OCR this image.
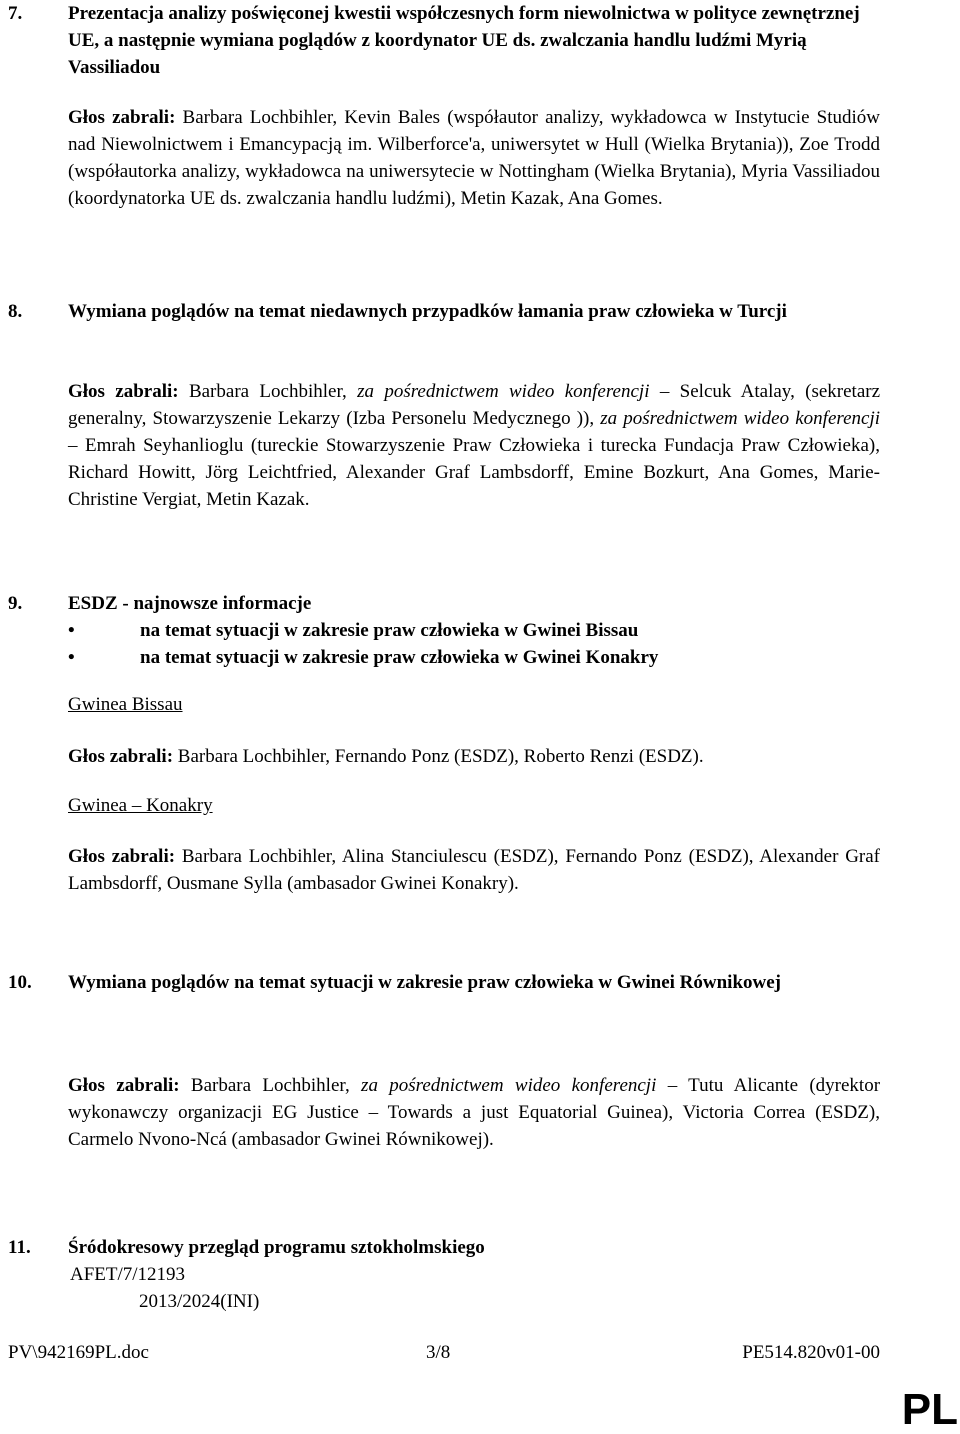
7. Prezentacja analizy poświęconej kwestii współczesnych form niewolnictwa w polityce zewnętrznej UE, a następnie wymiana poglądów z koordynator UE ds. zwalczania handlu ludźmi Myrią Vassiliadou
Głos zabrali: Barbara Lochbihler, Kevin Bales (współautor analizy, wykładowca w Instytucie Studiów nad Niewolnictwem i Emancypacją im. Wilberforce'a, uniwersytet w Hull (Wielka Brytania)), Zoe Trodd (współautorka analizy, wykładowca na uniwersytecie w Nottingham (Wielka Brytania), Myria Vassiliadou (koordynatorka UE ds. zwalczania handlu ludźmi), Metin Kazak, Ana Gomes.
8. Wymiana poglądów na temat niedawnych przypadków łamania praw człowieka w Turcji
Głos zabrali: Barbara Lochbihler, za pośrednictwem wideo konferencji – Selcuk Atalay, (sekretarz generalny, Stowarzyszenie Lekarzy (Izba Personelu Medycznego )), za pośrednictwem wideo konferencji – Emrah Seyhanlioglu (tureckie Stowarzyszenie Praw Człowieka i turecka Fundacja Praw Człowieka), Richard Howitt, Jörg Leichtfried, Alexander Graf Lambsdorff, Emine Bozkurt, Ana Gomes, Marie-Christine Vergiat, Metin Kazak.
9. ESDZ - najnowsze informacje
•	na temat sytuacji w zakresie praw człowieka w Gwinei Bissau
•	na temat sytuacji w zakresie praw człowieka w Gwinei Konakry
Gwinea Bissau
Głos zabrali: Barbara Lochbihler, Fernando Ponz (ESDZ), Roberto Renzi (ESDZ).
Gwinea – Konakry
Głos zabrali: Barbara Lochbihler, Alina Stanciulescu (ESDZ), Fernando Ponz (ESDZ), Alexander Graf Lambsdorff, Ousmane Sylla (ambasador Gwinei Konakry).
10. Wymiana poglądów na temat sytuacji w zakresie praw człowieka w Gwinei Równikowej
Głos zabrali: Barbara Lochbihler, za pośrednictwem wideo konferencji – Tutu Alicante (dyrektor wykonawczy organizacji EG Justice – Towards a just Equatorial Guinea), Victoria Correa (ESDZ), Carmelo Nvono-Ncá (ambasador Gwinei Równikowej).
11. Śródokresowy przegląd programu sztokholmskiego
AFET/7/12193
2013/2024(INI)
PV\942169PL.doc	3/8	PE514.820v01-00
PL
